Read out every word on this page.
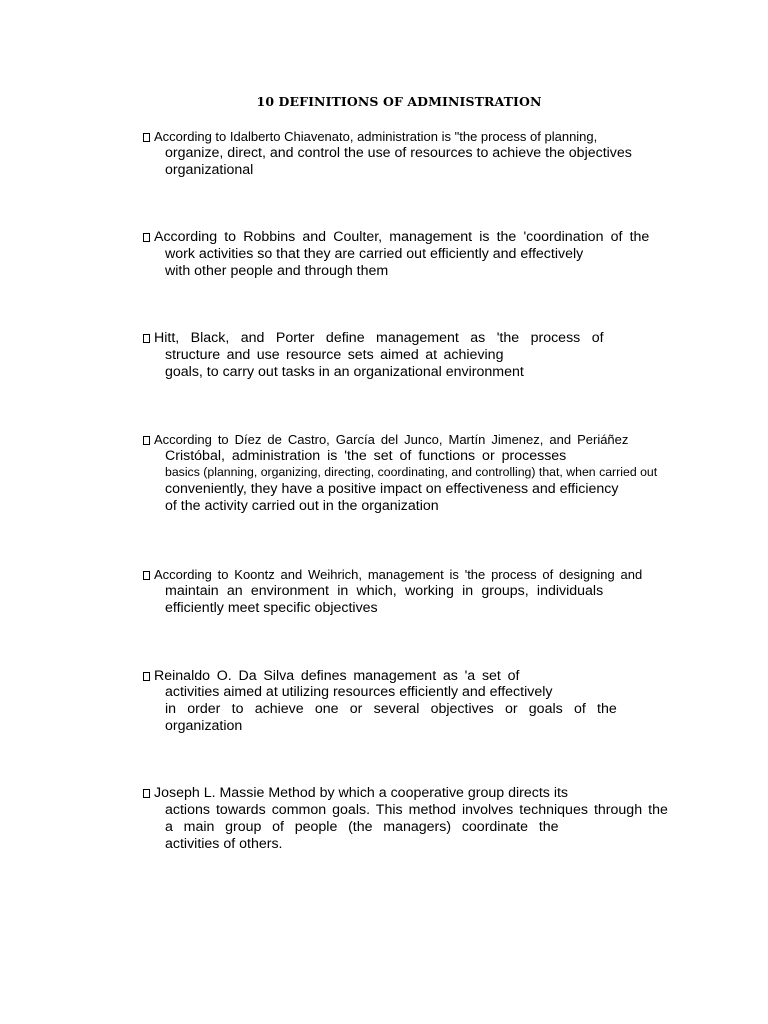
10 DEFINITIONS OF ADMINISTRATION
According to Idalberto Chiavenato, administration is "the process of planning,
organize, direct, and control the use of resources to achieve the objectives
organizational
According to Robbins and Coulter, management is the 'coordination of the
work activities so that they are carried out efficiently and effectively
with other people and through them
Hitt, Black, and Porter define management as 'the process of
structure and use resource sets aimed at achieving
goals, to carry out tasks in an organizational environment
According to Díez de Castro, García del Junco, Martín Jimenez, and Periáñez
Cristóbal, administration is 'the set of functions or processes
basics (planning, organizing, directing, coordinating, and controlling) that, when carried out
conveniently, they have a positive impact on effectiveness and efficiency
of the activity carried out in the organization
According to Koontz and Weihrich, management is 'the process of designing and
maintain an environment in which, working in groups, individuals
efficiently meet specific objectives
Reinaldo O. Da Silva defines management as 'a set of
activities aimed at utilizing resources efficiently and effectively
in order to achieve one or several objectives or goals of the
organization
Joseph L. Massie Method by which a cooperative group directs its
actions towards common goals. This method involves techniques through the
a main group of people (the managers) coordinate the
activities of others.
